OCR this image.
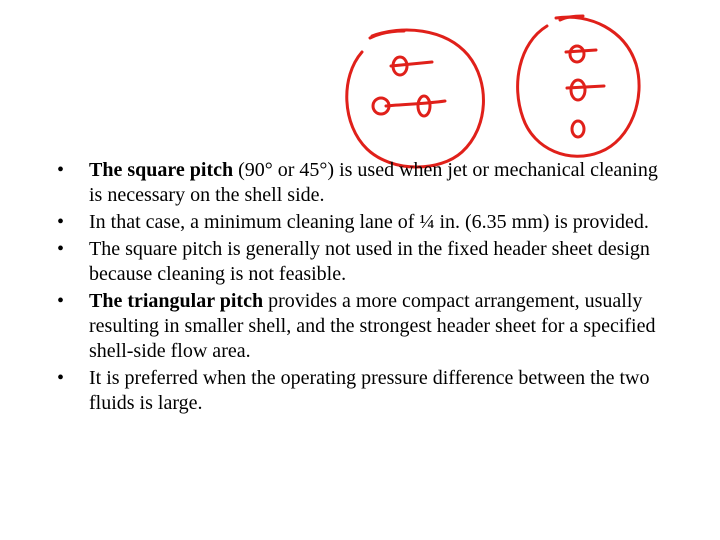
• The square pitch (90° or 45°) is used when jet or mechanical cleaning is necessary on the shell side.
• In that case, a minimum cleaning lane of ¼ in. (6.35 mm) is provided.
• The square pitch is generally not used in the fixed header sheet design because cleaning is not feasible.
• The triangular pitch provides a more compact arrangement, usually resulting in smaller shell, and the strongest header sheet for a specified shell-side flow area.
• It is preferred when the operating pressure difference between the two fluids is large.
